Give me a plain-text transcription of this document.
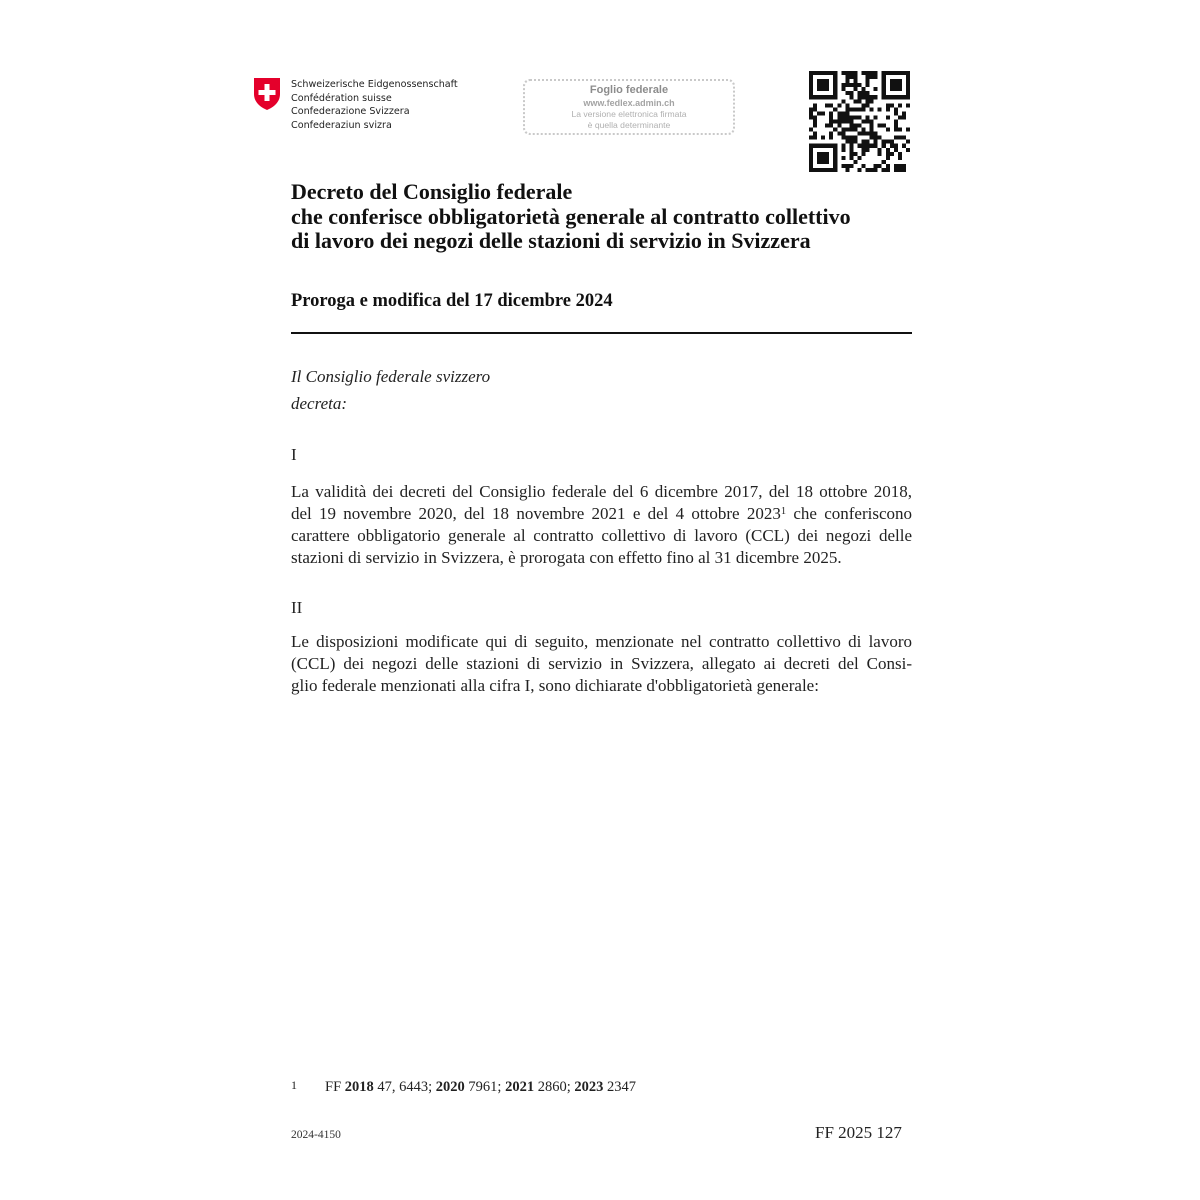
Schweizerische Eidgenossenschaft
Confédération suisse
Confederazione Svizzera
Confederaziun svizra
Foglio federale
www.fedlex.admin.ch
La versione elettronica firmata
è quella determinante
Decreto del Consiglio federale
che conferisce obbligatorietà generale al contratto collettivo
di lavoro dei negozi delle stazioni di servizio in Svizzera
Proroga e modifica del 17 dicembre 2024
Il Consiglio federale svizzero
decreta:
I
La validità dei decreti del Consiglio federale del 6 dicembre 2017, del 18 ottobre 2018,
del 19 novembre 2020, del 18 novembre 2021 e del 4 ottobre 2023$^1$ che conferiscono
carattere obbligatorio generale al contratto collettivo di lavoro (CCL) dei negozi delle
stazioni di servizio in Svizzera, è prorogata con effetto fino al 31 dicembre 2025.
II
Le disposizioni modificate qui di seguito, menzionate nel contratto collettivo di lavoro
(CCL) dei negozi delle stazioni di servizio in Svizzera, allegato ai decreti del Consi-
glio federale menzionati alla cifra I, sono dichiarate d'obbligatorietà generale:
1 FF 2018 47, 6443; 2020 7961; 2021 2860; 2023 2347
2024-4150	FF 2025 127
